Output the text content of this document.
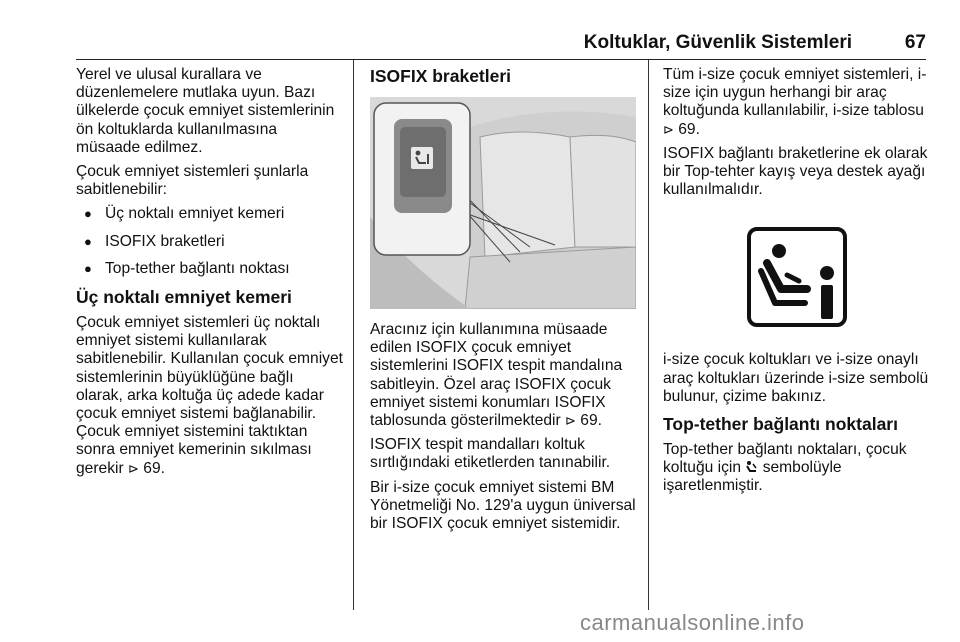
Koltuklar, Güvenlik Sistemleri	67

Yerel ve ulusal kurallara ve düzenlemelere mutlaka uyun. Bazı ülkelerde çocuk emniyet sistemlerinin ön koltuklarda kullanılmasına müsaade edilmez.

Çocuk emniyet sistemleri şunlarla sabitlenebilir:

● Üç noktalı emniyet kemeri
● ISOFIX braketleri
● Top-tether bağlantı noktası
Üç noktalı emniyet kemeri

Çocuk emniyet sistemleri üç noktalı emniyet sistemi kullanılarak sabitlenebilir. Kullanılan çocuk emniyet sistemlerinin büyüklüğüne bağlı olarak, arka koltuğa üç adede kadar çocuk emniyet sistemi bağlanabilir. Çocuk emniyet sistemini taktıktan sonra emniyet kemerinin sıkılması gerekir ⊳ 69.

ISOFIX braketleri

Aracınız için kullanımına müsaade edilen ISOFIX çocuk emniyet sistemlerini ISOFIX tespit mandalına sabitleyin. Özel araç ISOFIX çocuk emniyet sistemi konumları ISOFIX tablosunda gösterilmektedir ⊳ 69.

ISOFIX tespit mandalları koltuk sırtlığındaki etiketlerden tanınabilir.

Bir i-size çocuk emniyet sistemi BM Yönetmeliği No. 129'a uygun üniversal bir ISOFIX çocuk emniyet sistemidir.

Tüm i-size çocuk emniyet sistemleri, i-size için uygun herhangi bir araç koltuğunda kullanılabilir, i-size tablosu ⊳ 69.

ISOFIX bağlantı braketlerine ek olarak bir Top-tehter kayış veya destek ayağı kullanılmalıdır.

i-size çocuk koltukları ve i-size onaylı araç koltukları üzerinde i-size sembolü bulunur, çizime bakınız.

Top-tether bağlantı noktaları

Top-tether bağlantı noktaları, çocuk koltuğu için sembolüyle işaretlenmiştir.

carmanualsonline.info
